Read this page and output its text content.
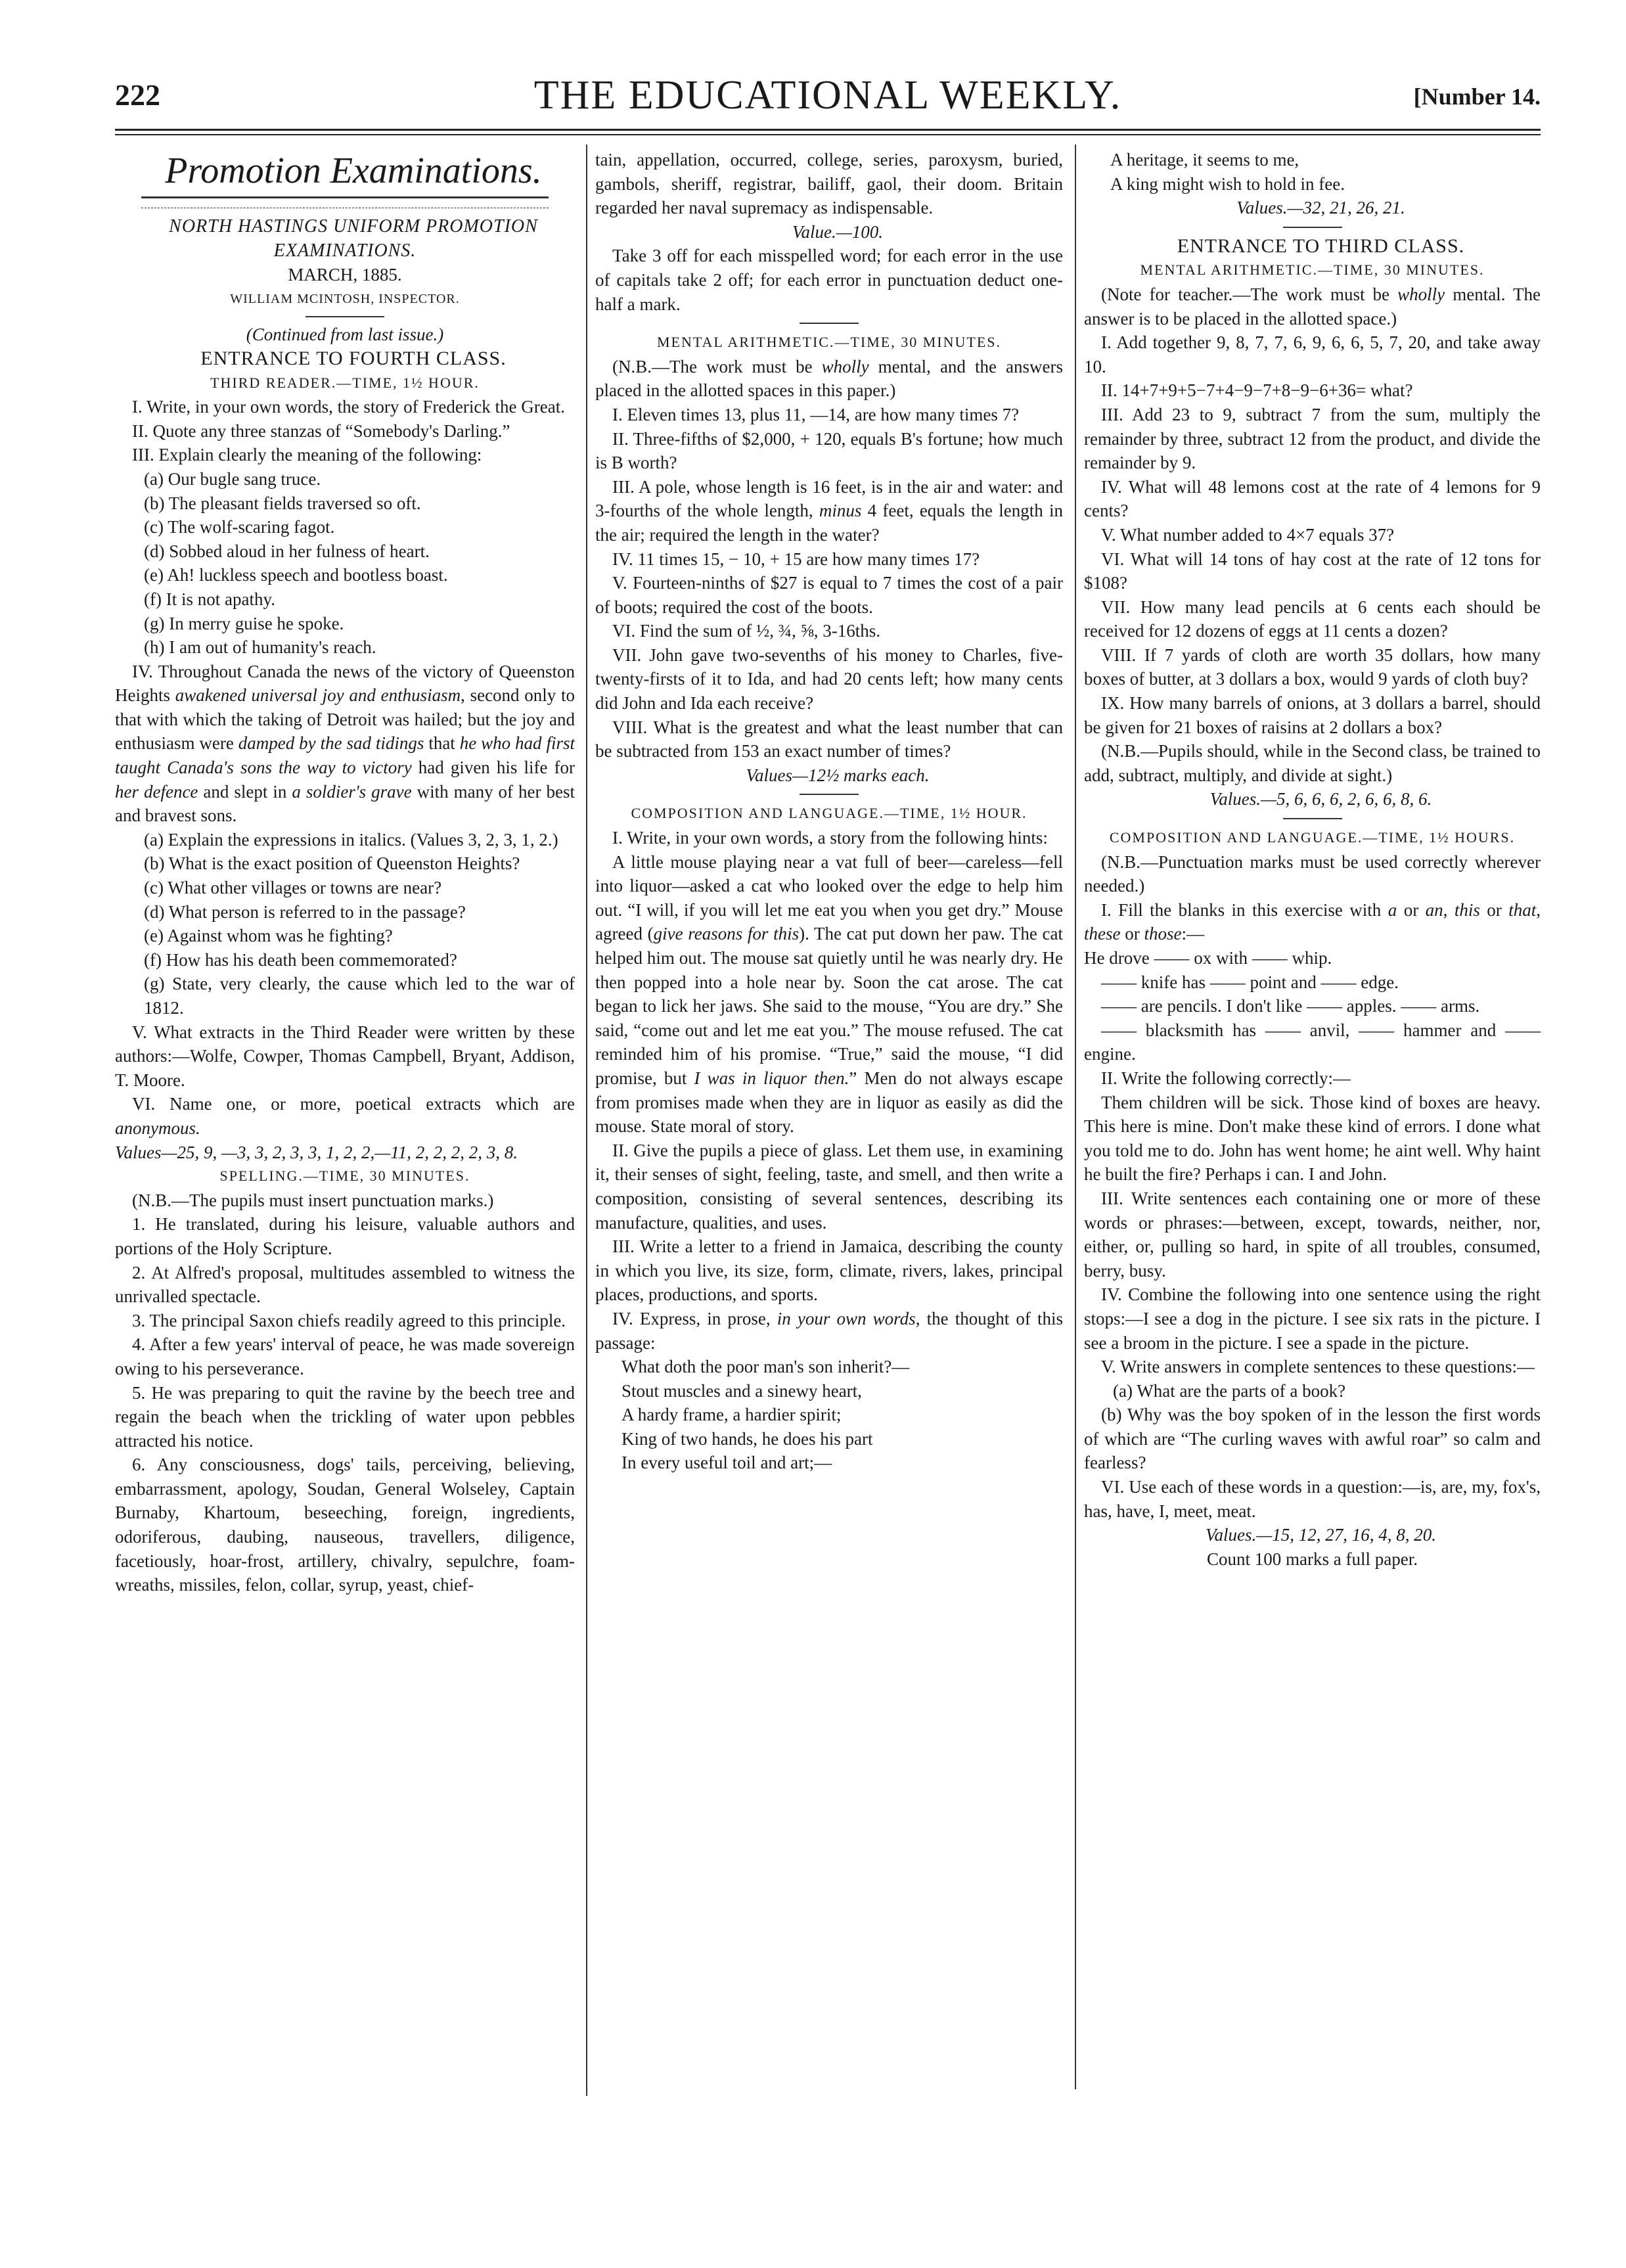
222	THE EDUCATIONAL WEEKLY.	[Number 14.

Promotion Examinations.

NORTH HASTINGS UNIFORM PROMOTION EXAMINATIONS.

MARCH, 1885.

WILLIAM MCINTOSH, INSPECTOR.

(Continued from last issue.)

ENTRANCE TO FOURTH CLASS.

THIRD READER.—TIME, 1½ HOUR.

I. Write, in your own words, the story of Frederick the Great.

II. Quote any three stanzas of “Somebody's Darling.”

III. Explain clearly the meaning of the following:

(a) Our bugle sang truce.

(b) The pleasant fields traversed so oft.

(c) The wolf-scaring fagot.

(d) Sobbed aloud in her fulness of heart.

(e) Ah! luckless speech and bootless boast.

(f) It is not apathy.

(g) In merry guise he spoke.

(h) I am out of humanity's reach.

IV. Throughout Canada the news of the victory of Queenston Heights awakened universal joy and enthusiasm, second only to that with which the taking of Detroit was hailed; but the joy and enthusiasm were damped by the sad tidings that he who had first taught Canada's sons the way to victory had given his life for her defence and slept in a soldier's grave with many of her best and bravest sons.

(a) Explain the expressions in italics. (Values 3, 2, 3, 1, 2.)

(b) What is the exact position of Queenston Heights?

(c) What other villages or towns are near?

(d) What person is referred to in the passage?

(e) Against whom was he fighting?

(f) How has his death been commemorated?

(g) State, very clearly, the cause which led to the war of 1812.

V. What extracts in the Third Reader were written by these authors:—Wolfe, Cowper, Thomas Campbell, Bryant, Addison, T. Moore.

VI. Name one, or more, poetical extracts which are anonymous.

Values—25, 9, —3, 3, 2, 3, 3, 1, 2, 2,—11, 2, 2, 2, 2, 3, 8.

SPELLING.—TIME, 30 MINUTES.

(N.B.—The pupils must insert punctuation marks.)

1. He translated, during his leisure, valuable authors and portions of the Holy Scripture.

2. At Alfred's proposal, multitudes assembled to witness the unrivalled spectacle.

3. The principal Saxon chiefs readily agreed to this principle.

4. After a few years' interval of peace, he was made sovereign owing to his perseverance.

5. He was preparing to quit the ravine by the beech tree and regain the beach when the trickling of water upon pebbles attracted his notice.

6. Any consciousness, dogs' tails, perceiving, believing, embarrassment, apology, Soudan, General Wolseley, Captain Burnaby, Khartoum, beseeching, foreign, ingredients, odoriferous, daubing, nauseous, travellers, diligence, facetiously, hoar-frost, artillery, chivalry, sepulchre, foam-wreaths, missiles, felon, collar, syrup, yeast, chief-

tain, appellation, occurred, college, series, paroxysm, buried, gambols, sheriff, registrar, bailiff, gaol, their doom. Britain regarded her naval supremacy as indispensable.

Value.—100.

Take 3 off for each misspelled word; for each error in the use of capitals take 2 off; for each error in punctuation deduct one-half a mark.

MENTAL ARITHMETIC.—TIME, 30 MINUTES.

(N.B.—The work must be wholly mental, and the answers placed in the allotted spaces in this paper.)

I. Eleven times 13, plus 11, —14, are how many times 7?

II. Three-fifths of $2,000, + 120, equals B's fortune; how much is B worth?

III. A pole, whose length is 16 feet, is in the air and water: and 3-fourths of the whole length, minus 4 feet, equals the length in the air; required the length in the water?

IV. 11 times 15, − 10, + 15 are how many times 17?

V. Fourteen-ninths of $27 is equal to 7 times the cost of a pair of boots; required the cost of the boots.

VI. Find the sum of ½, ¾, ⅝, 3-16ths.

VII. John gave two-sevenths of his money to Charles, five-twenty-firsts of it to Ida, and had 20 cents left; how many cents did John and Ida each receive?

VIII. What is the greatest and what the least number that can be subtracted from 153 an exact number of times?

Values—12½ marks each.

COMPOSITION AND LANGUAGE.—TIME, 1½ HOUR.

I. Write, in your own words, a story from the following hints:

A little mouse playing near a vat full of beer—careless—fell into liquor—asked a cat who looked over the edge to help him out. “I will, if you will let me eat you when you get dry.” Mouse agreed (give reasons for this). The cat put down her paw. The cat helped him out. The mouse sat quietly until he was nearly dry. He then popped into a hole near by. Soon the cat arose. The cat began to lick her jaws. She said to the mouse, “You are dry.” She said, “come out and let me eat you.” The mouse refused. The cat reminded him of his promise. “True,” said the mouse, “I did promise, but I was in liquor then.” Men do not always escape from promises made when they are in liquor as easily as did the mouse. State moral of story.

II. Give the pupils a piece of glass. Let them use, in examining it, their senses of sight, feeling, taste, and smell, and then write a composition, consisting of several sentences, describing its manufacture, qualities, and uses.

III. Write a letter to a friend in Jamaica, describing the county in which you live, its size, form, climate, rivers, lakes, principal places, productions, and sports.

IV. Express, in prose, in your own words, the thought of this passage:

What doth the poor man's son inherit?—

Stout muscles and a sinewy heart,

A hardy frame, a hardier spirit;

King of two hands, he does his part

In every useful toil and art;—

A heritage, it seems to me,

A king might wish to hold in fee.

Values.—32, 21, 26, 21.

ENTRANCE TO THIRD CLASS.

MENTAL ARITHMETIC.—TIME, 30 MINUTES.

(Note for teacher.—The work must be wholly mental. The answer is to be placed in the allotted space.)

I. Add together 9, 8, 7, 7, 6, 9, 6, 6, 5, 7, 20, and take away 10.

II. 14+7+9+5−7+4−9−7+8−9−6+36= what?

III. Add 23 to 9, subtract 7 from the sum, multiply the remainder by three, subtract 12 from the product, and divide the remainder by 9.

IV. What will 48 lemons cost at the rate of 4 lemons for 9 cents?

V. What number added to 4×7 equals 37?

VI. What will 14 tons of hay cost at the rate of 12 tons for $108?

VII. How many lead pencils at 6 cents each should be received for 12 dozens of eggs at 11 cents a dozen?

VIII. If 7 yards of cloth are worth 35 dollars, how many boxes of butter, at 3 dollars a box, would 9 yards of cloth buy?

IX. How many barrels of onions, at 3 dollars a barrel, should be given for 21 boxes of raisins at 2 dollars a box?

(N.B.—Pupils should, while in the Second class, be trained to add, subtract, multiply, and divide at sight.)

Values.—5, 6, 6, 6, 2, 6, 6, 8, 6.

COMPOSITION AND LANGUAGE.—TIME, 1½ HOURS.

(N.B.—Punctuation marks must be used correctly wherever needed.)

I. Fill the blanks in this exercise with a or an, this or that, these or those:—

He drove —— ox with —— whip.

—— knife has —— point and —— edge.

—— are pencils. I don't like —— apples. —— arms.

—— blacksmith has —— anvil, —— hammer and —— engine.

II. Write the following correctly:—

Them children will be sick. Those kind of boxes are heavy. This here is mine. Don't make these kind of errors. I done what you told me to do. John has went home; he aint well. Why haint he built the fire? Perhaps i can. I and John.

III. Write sentences each containing one or more of these words or phrases:—between, except, towards, neither, nor, either, or, pulling so hard, in spite of all troubles, consumed, berry, busy.

IV. Combine the following into one sentence using the right stops:—I see a dog in the picture. I see six rats in the picture. I see a broom in the picture. I see a spade in the picture.

V. Write answers in complete sentences to these questions:—

(a) What are the parts of a book?

(b) Why was the boy spoken of in the lesson the first words of which are “The curling waves with awful roar” so calm and fearless?

VI. Use each of these words in a question:—is, are, my, fox's, has, have, I, meet, meat.

Values.—15, 12, 27, 16, 4, 8, 20.

Count 100 marks a full paper.
